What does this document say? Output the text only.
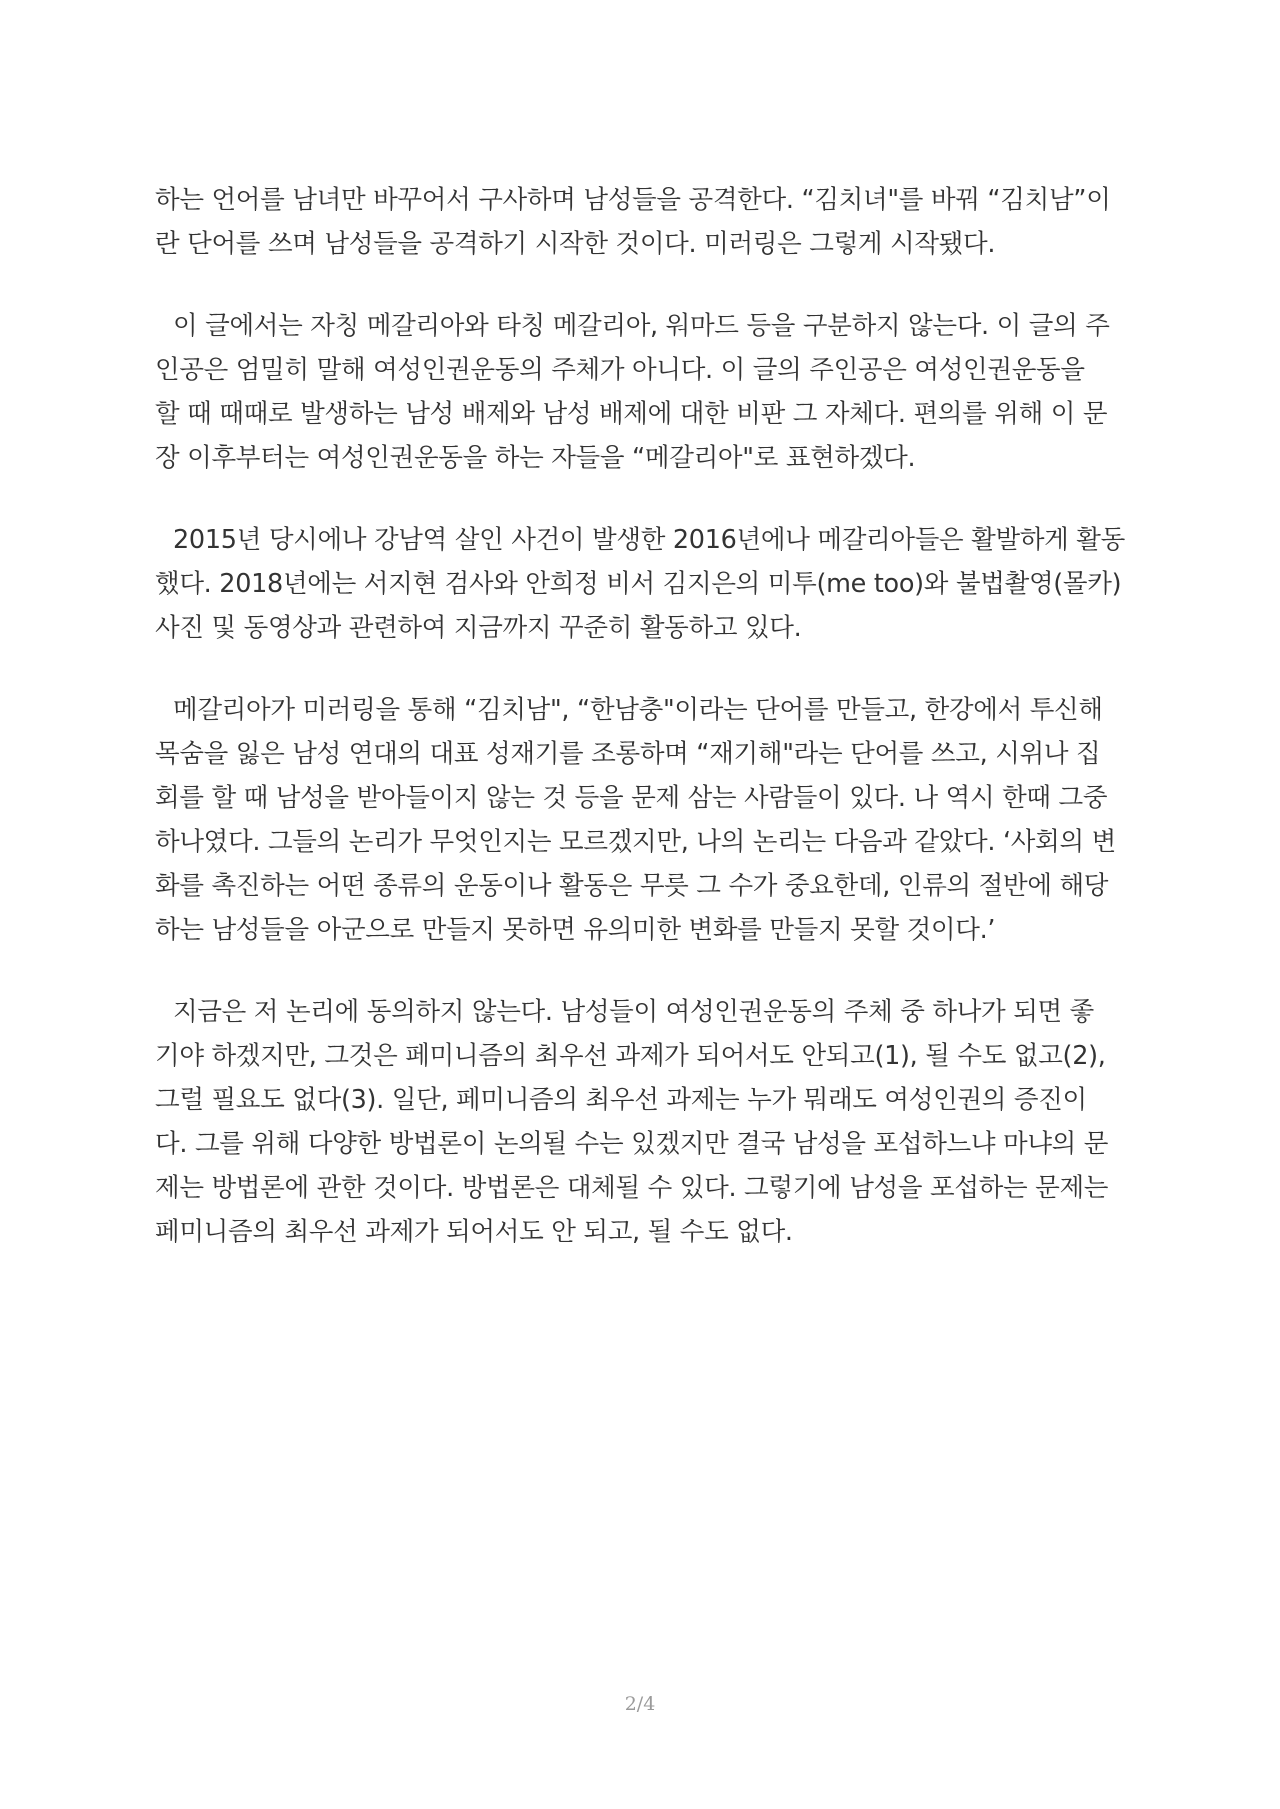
하는 언어를 남녀만 바꾸어서 구사하며 남성들을 공격한다. “김치녀"를 바꿔 “김치남”이
란 단어를 쓰며 남성들을 공격하기 시작한 것이다. 미러링은 그렇게 시작됐다.
이 글에서는 자칭 메갈리아와 타칭 메갈리아, 워마드 등을 구분하지 않는다. 이 글의 주
인공은 엄밀히 말해 여성인권운동의 주체가 아니다. 이 글의 주인공은 여성인권운동을
할 때 때때로 발생하는 남성 배제와 남성 배제에 대한 비판 그 자체다. 편의를 위해 이 문
장 이후부터는 여성인권운동을 하는 자들을 “메갈리아"로 표현하겠다.
2015년 당시에나 강남역 살인 사건이 발생한 2016년에나 메갈리아들은 활발하게 활동
했다. 2018년에는 서지현 검사와 안희정 비서 김지은의 미투(me too)와 불법촬영(몰카)
사진 및 동영상과 관련하여 지금까지 꾸준히 활동하고 있다.
메갈리아가 미러링을 통해 “김치남", “한남충"이라는 단어를 만들고, 한강에서 투신해
목숨을 잃은 남성 연대의 대표 성재기를 조롱하며 “재기해"라는 단어를 쓰고, 시위나 집
회를 할 때 남성을 받아들이지 않는 것 등을 문제 삼는 사람들이 있다. 나 역시 한때 그중
하나였다. 그들의 논리가 무엇인지는 모르겠지만, 나의 논리는 다음과 같았다. ‘사회의 변
화를 촉진하는 어떤 종류의 운동이나 활동은 무릇 그 수가 중요한데, 인류의 절반에 해당
하는 남성들을 아군으로 만들지 못하면 유의미한 변화를 만들지 못할 것이다.’
지금은 저 논리에 동의하지 않는다. 남성들이 여성인권운동의 주체 중 하나가 되면 좋
기야 하겠지만, 그것은 페미니즘의 최우선 과제가 되어서도 안되고(1), 될 수도 없고(2),
그럴 필요도 없다(3). 일단, 페미니즘의 최우선 과제는 누가 뭐래도 여성인권의 증진이
다. 그를 위해 다양한 방법론이 논의될 수는 있겠지만 결국 남성을 포섭하느냐 마냐의 문
제는 방법론에 관한 것이다. 방법론은 대체될 수 있다. 그렇기에 남성을 포섭하는 문제는
페미니즘의 최우선 과제가 되어서도 안 되고, 될 수도 없다.
2/4
